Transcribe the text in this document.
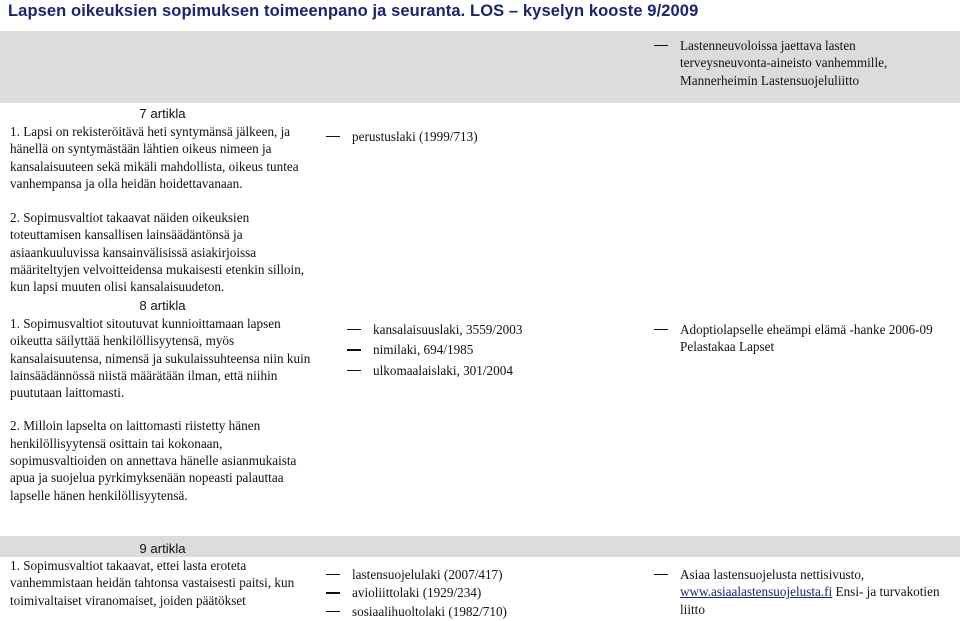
Lapsen oikeuksien sopimuksen toimeenpano ja seuranta. LOS – kyselyn kooste 9/2009
Lastenneuvoloissa jaettava lasten terveysneuvonta-aineisto vanhemmille, Mannerheimin Lastensuojeluliitto

7 artikla

1. Lapsi on rekisteröitävä heti syntymänsä jälkeen, ja hänellä on syntymästään lähtien oikeus nimeen ja kansalaisuuteen sekä mikäli mahdollista, oikeus tuntea vanhempansa ja olla heidän hoidettavanaan.

2. Sopimusvaltiot takaavat näiden oikeuksien toteuttamisen kansallisen lainsäädäntönsä ja asiaankuuluvissa kansainvälisissä asiakirjoissa määriteltyjen velvoitteidensa mukaisesti etenkin silloin, kun lapsi muuten olisi kansalaisuudeton.

perustuslaki (1999/713)

8 artikla

1. Sopimusvaltiot sitoutuvat kunnioittamaan lapsen oikeutta säilyttää henkilöllisyytensä, myös kansalaisuutensa, nimensä ja sukulaissuhteensa niin kuin lainsäädännössä niistä määrätään ilman, että niihin puututaan laittomasti.

2. Milloin lapselta on laittomasti riistetty hänen henkilöllisyytensä osittain tai kokonaan, sopimusvaltioiden on annettava hänelle asianmukaista apua ja suojelua pyrkimyksenään nopeasti palauttaa lapselle hänen henkilöllisyytensä.

kansalaisuuslaki, 3559/2003
nimilaki, 694/1985
ulkomaalaislaki, 301/2004
Adoptiolapselle eheämpi elämä -hanke 2006-09 Pelastakaa Lapset

9 artikla

1. Sopimusvaltiot takaavat, ettei lasta eroteta vanhemmistaan heidän tahtonsa vastaisesti paitsi, kun toimivaltaiset viranomaiset, joiden päätökset

lastensuojelulaki (2007/417)
avioliittolaki (1929/234)
sosiaalihuoltolaki (1982/710)
Asiaa lastensuojelusta nettisivusto, www.asiaalastensuojelusta.fi Ensi- ja turvakotien liitto
